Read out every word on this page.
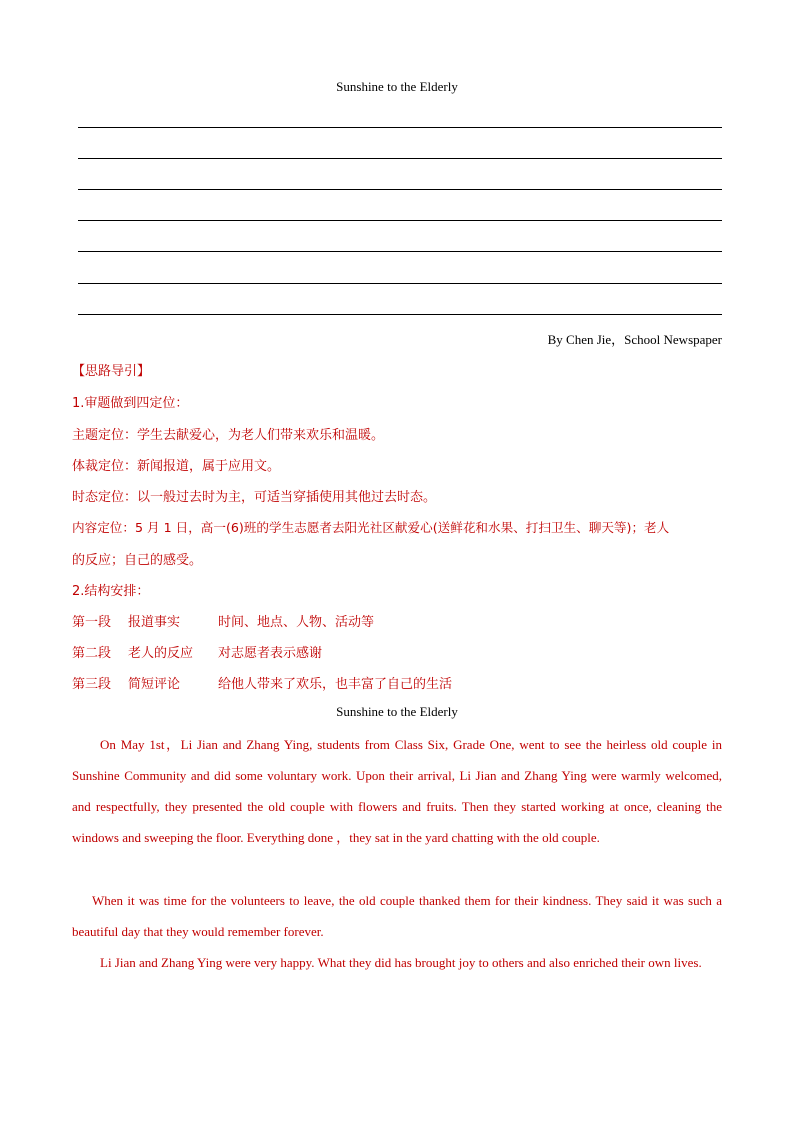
Sunshine to the Elderly
By Chen Jie，School Newspaper
【思路导引】
1.审题做到四定位：
主题定位：学生去献爱心，为老人们带来欢乐和温暖。
体裁定位：新闻报道，属于应用文。
时态定位：以一般过去时为主，可适当穿插使用其他过去时态。
内容定位：5 月 1 日，高一(6)班的学生志愿者去阳光社区献爱心(送鲜花和水果、打扫卫生、聊天等)；老人
的反应；自己的感受。
2.结构安排：
第一段 报道事实	时间、地点、人物、活动等
第二段 老人的反应 对志愿者表示感谢
第三段 简短评论	给他人带来了欢乐，也丰富了自己的生活
Sunshine to the Elderly

On May 1st，Li Jian and Zhang Ying, students from Class Six, Grade One, went to see the heirless old couple in Sunshine Community and did some voluntary work. Upon their arrival, Li Jian and Zhang Ying were warmly welcomed, and respectfully, they presented the old couple with flowers and fruits. Then they started working at once, cleaning the windows and sweeping the floor. Everything done ，they sat in the yard chatting with the old couple.

When it was time for the volunteers to leave, the old couple thanked them for their kindness. They said it was such a beautiful day that they would remember forever.

Li Jian and Zhang Ying were very happy. What they did has brought joy to others and also enriched their own lives.
